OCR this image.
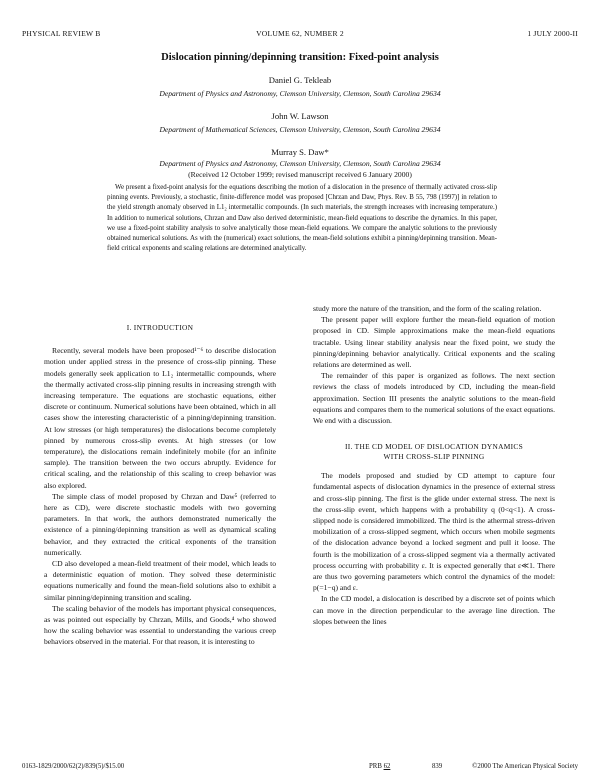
PHYSICAL REVIEW B	VOLUME 62, NUMBER 2	1 JULY 2000-II
Dislocation pinning/depinning transition: Fixed-point analysis
Daniel G. Tekleab
Department of Physics and Astronomy, Clemson University, Clemson, South Carolina 29634
John W. Lawson
Department of Mathematical Sciences, Clemson University, Clemson, South Carolina 29634
Murray S. Daw*
Department of Physics and Astronomy, Clemson University, Clemson, South Carolina 29634
(Received 12 October 1999; revised manuscript received 6 January 2000)
We present a fixed-point analysis for the equations describing the motion of a dislocation in the presence of thermally activated cross-slip pinning events. Previously, a stochastic, finite-difference model was proposed [Chrzan and Daw, Phys. Rev. B 55, 798 (1997)] in relation to the yield strength anomaly observed in L1₂ intermetallic compounds. (In such materials, the strength increases with increasing temperature.) In addition to numerical solutions, Chrzan and Daw also derived deterministic, mean-field equations to describe the dynamics. In this paper, we use a fixed-point stability analysis to solve analytically those mean-field equations. We compare the analytic solutions to the previously obtained numerical solutions. As with the (numerical) exact solutions, the mean-field solutions exhibit a pinning/depinning transition. Mean-field critical exponents and scaling relations are determined analytically.
I. INTRODUCTION

Recently, several models have been proposed¹⁻⁶ to describe dislocation motion under applied stress in the presence of cross-slip pinning. These models generally seek application to L1₂ intermetallic compounds, where the thermally activated cross-slip pinning results in increasing strength with increasing temperature. The equations are stochastic equations, either discrete or continuum. Numerical solutions have been obtained, which in all cases show the interesting characteristic of a pinning/depinning transition. At low stresses (or high temperatures) the dislocations become completely pinned by numerous cross-slip events. At high stresses (or low temperature), the dislocations remain indefinitely mobile (for an infinite sample). The transition between the two occurs abruptly. Evidence for critical scaling, and the relationship of this scaling to creep behavior was also explored.

The simple class of model proposed by Chrzan and Daw⁵ (referred to here as CD), were discrete stochastic models with two governing parameters. In that work, the authors demonstrated numerically the existence of a pinning/depinning transition as well as dynamical scaling behavior, and they extracted the critical exponents of the transition numerically.

CD also developed a mean-field treatment of their model, which leads to a deterministic equation of motion. They solved these deterministic equations numerically and found the mean-field solutions also to exhibit a similar pinning/depinning transition and scaling.

The scaling behavior of the models has important physical consequences, as was pointed out especially by Chrzan, Mills, and Goods,⁴ who showed how the scaling behavior was essential to understanding the various creep behaviors observed in the material. For that reason, it is interesting to

study more the nature of the transition, and the form of the scaling relation.

The present paper will explore further the mean-field equation of motion proposed in CD. Simple approximations make the mean-field equations tractable. Using linear stability analysis near the fixed point, we study the pinning/depinning behavior analytically. Critical exponents and the scaling relations are determined as well.

The remainder of this paper is organized as follows. The next section reviews the class of models introduced by CD, including the mean-field approximation. Section III presents the analytic solutions to the mean-field equations and compares them to the numerical solutions of the exact equations. We end with a discussion.

II. THE CD MODEL OF DISLOCATION DYNAMICS
WITH CROSS-SLIP PINNING

The models proposed and studied by CD attempt to capture four fundamental aspects of dislocation dynamics in the presence of external stress and cross-slip pinning. The first is the glide under external stress. The next is the cross-slip event, which happens with a probability q (0<q<1). A cross-slipped node is considered immobilized. The third is the athermal stress-driven mobilization of a cross-slipped segment, which occurs when mobile segments of the dislocation advance beyond a locked segment and pull it loose. The fourth is the mobilization of a cross-slipped segment via a thermally activated process occurring with probability ε. It is expected generally that ε≪1. There are thus two governing parameters which control the dynamics of the model: p(=1−q) and ε.

In the CD model, a dislocation is described by a discrete set of points which can move in the direction perpendicular to the average line direction. The slopes between the lines

0163-1829/2000/62(2)/839(5)/$15.00	PRB 62	839	©2000 The American Physical Society
